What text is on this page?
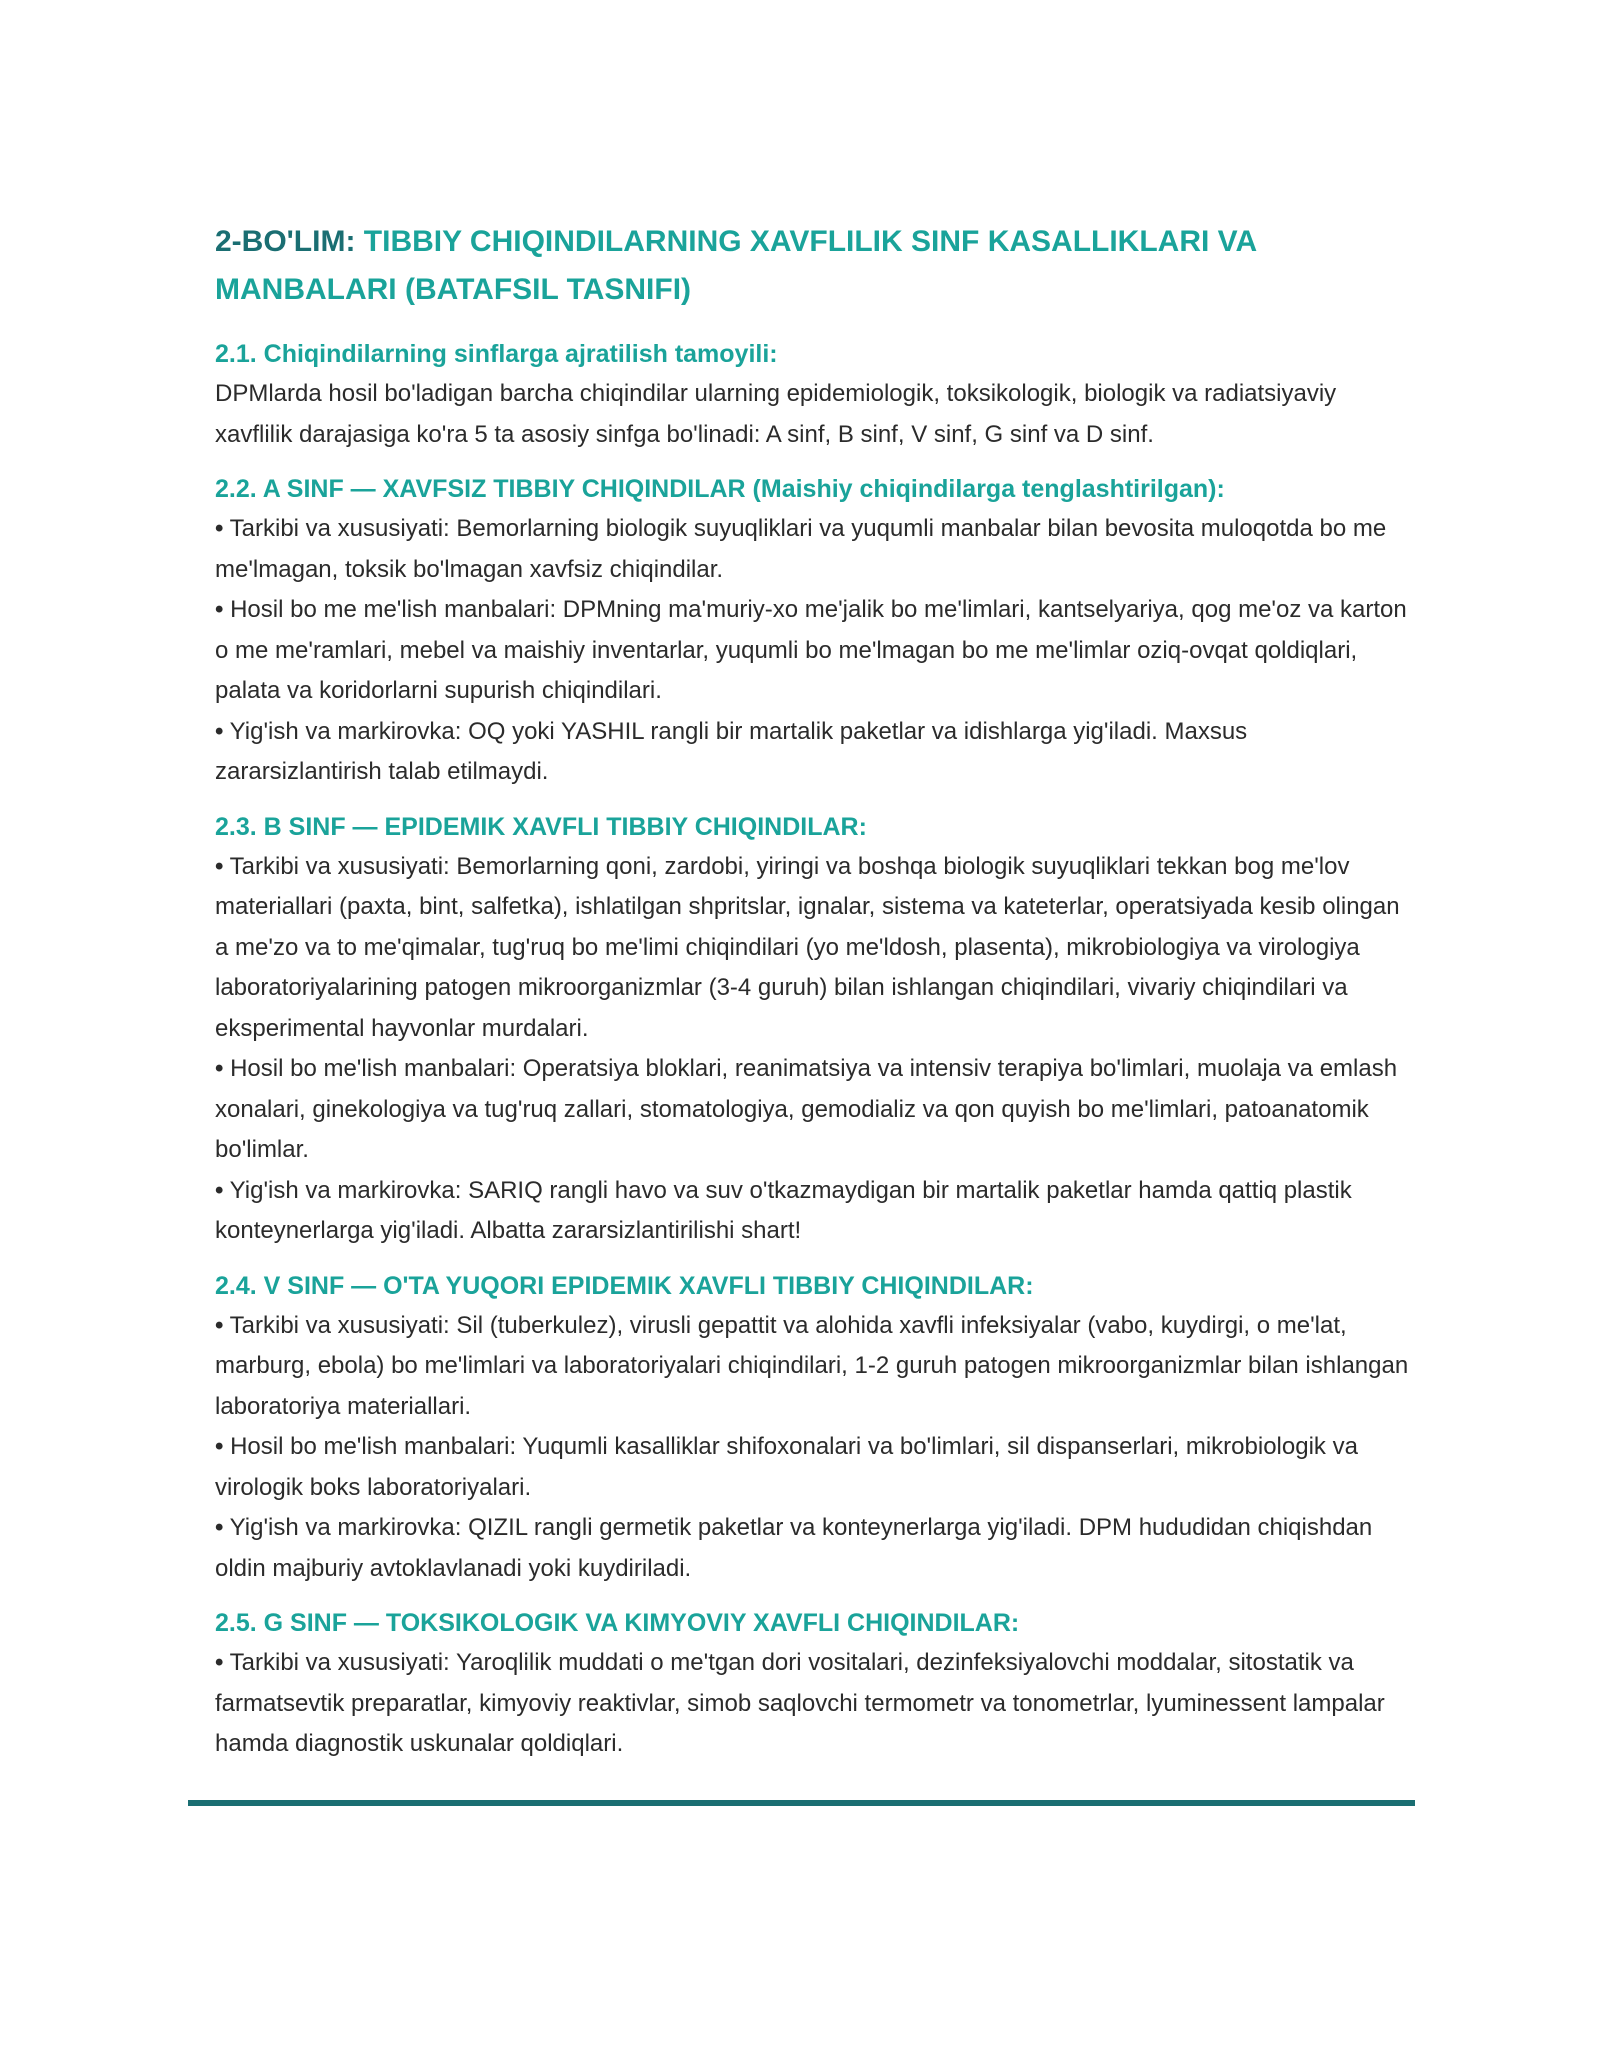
2-BO'LIM: TIBBIY CHIQINDILARNING XAVFLILIK SINF KASALLIKLARI VA MANBALARI (BATAFSIL TASNIFI)

2.1. Chiqindilarning sinflarga ajratilish tamoyili:

DPMlarda hosil bo'ladigan barcha chiqindilar ularning epidemiologik, toksikologik, biologik va radiatsiyaviy xavflilik darajasiga ko'ra 5 ta asosiy sinfga bo'linadi: A sinf, B sinf, V sinf, G sinf va D sinf.

2.2. A SINF — XAVFSIZ TIBBIY CHIQINDILAR (Maishiy chiqindilarga tenglashtirilgan):

• Tarkibi va xususiyati: Bemorlarning biologik suyuqliklari va yuqumli manbalar bilan bevosita muloqotda bo me me'lmagan, toksik bo'lmagan xavfsiz chiqindilar.

• Hosil bo me me'lish manbalari: DPMning ma'muriy-xo me'jalik bo me'limlari, kantselyariya, qog me'oz va karton o me me'ramlari, mebel va maishiy inventarlar, yuqumli bo me'lmagan bo me me'limlar oziq-ovqat qoldiqlari, palata va koridorlarni supurish chiqindilari.

• Yig'ish va markirovka: OQ yoki YASHIL rangli bir martalik paketlar va idishlarga yig'iladi. Maxsus zararsizlantirish talab etilmaydi.

2.3. B SINF — EPIDEMIK XAVFLI TIBBIY CHIQINDILAR:

• Tarkibi va xususiyati: Bemorlarning qoni, zardobi, yiringi va boshqa biologik suyuqliklari tekkan bog me'lov materiallari (paxta, bint, salfetka), ishlatilgan shpritslar, ignalar, sistema va kateterlar, operatsiyada kesib olingan a me'zo va to me'qimalar, tug'ruq bo me'limi chiqindilari (yo me'ldosh, plasenta), mikrobiologiya va virologiya laboratoriyalarining patogen mikroorganizmlar (3-4 guruh) bilan ishlangan chiqindilari, vivariy chiqindilari va eksperimental hayvonlar murdalari.

• Hosil bo me'lish manbalari: Operatsiya bloklari, reanimatsiya va intensiv terapiya bo'limlari, muolaja va emlash xonalari, ginekologiya va tug'ruq zallari, stomatologiya, gemodializ va qon quyish bo me'limlari, patoanatomik bo'limlar.

• Yig'ish va markirovka: SARIQ rangli havo va suv o'tkazmaydigan bir martalik paketlar hamda qattiq plastik konteynerlarga yig'iladi. Albatta zararsizlantirilishi shart!

2.4. V SINF — O'TA YUQORI EPIDEMIK XAVFLI TIBBIY CHIQINDILAR:

• Tarkibi va xususiyati: Sil (tuberkulez), virusli gepattit va alohida xavfli infeksiyalar (vabo, kuydirgi, o me'lat, marburg, ebola) bo me'limlari va laboratoriyalari chiqindilari, 1-2 guruh patogen mikroorganizmlar bilan ishlangan laboratoriya materiallari.

• Hosil bo me'lish manbalari: Yuqumli kasalliklar shifoxonalari va bo'limlari, sil dispanserlari, mikrobiologik va virologik boks laboratoriyalari.

• Yig'ish va markirovka: QIZIL rangli germetik paketlar va konteynerlarga yig'iladi. DPM hududidan chiqishdan oldin majburiy avtoklavlanadi yoki kuydiriladi.

2.5. G SINF — TOKSIKOLOGIK VA KIMYOVIY XAVFLI CHIQINDILAR:

• Tarkibi va xususiyati: Yaroqlilik muddati o me'tgan dori vositalari, dezinfeksiyalovchi moddalar, sitostatik va farmatsevtik preparatlar, kimyoviy reaktivlar, simob saqlovchi termometr va tonometrlar, lyuminessent lampalar hamda diagnostik uskunalar qoldiqlari.
